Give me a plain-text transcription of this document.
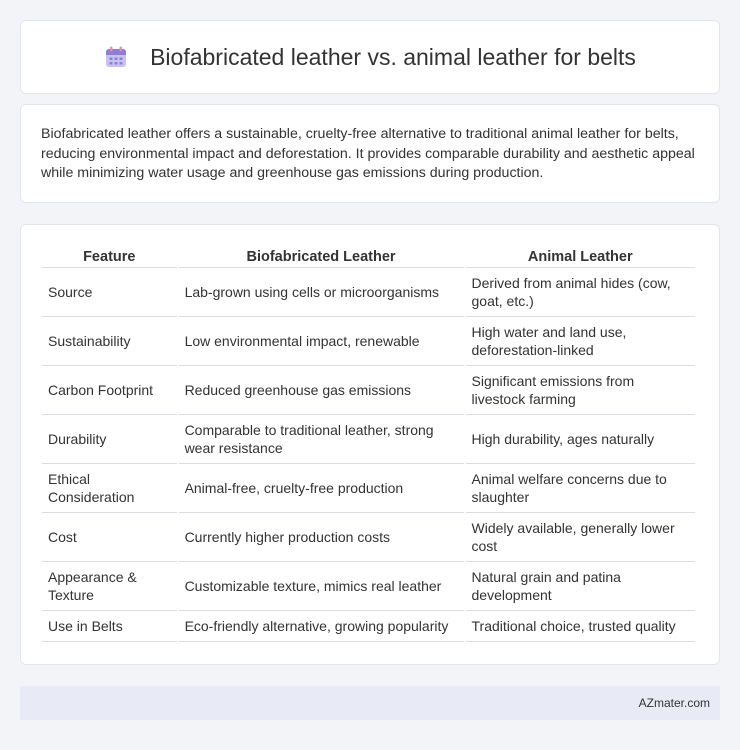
Biofabricated leather vs. animal leather for belts

Biofabricated leather offers a sustainable, cruelty-free alternative to traditional animal leather for belts, reducing environmental impact and deforestation. It provides comparable durability and aesthetic appeal while minimizing water usage and greenhouse gas emissions during production.

Feature	Biofabricated Leather	Animal Leather
Source	Lab-grown using cells or microorganisms	Derived from animal hides (cow, goat, etc.)
Sustainability	Low environmental impact, renewable	High water and land use, deforestation-linked
Carbon Footprint	Reduced greenhouse gas emissions	Significant emissions from livestock farming
Durability	Comparable to traditional leather, strong wear resistance	High durability, ages naturally
Ethical Consideration	Animal-free, cruelty-free production	Animal welfare concerns due to slaughter
Cost	Currently higher production costs	Widely available, generally lower cost
Appearance & Texture	Customizable texture, mimics real leather	Natural grain and patina development
Use in Belts	Eco-friendly alternative, growing popularity	Traditional choice, trusted quality
AZmater.com
